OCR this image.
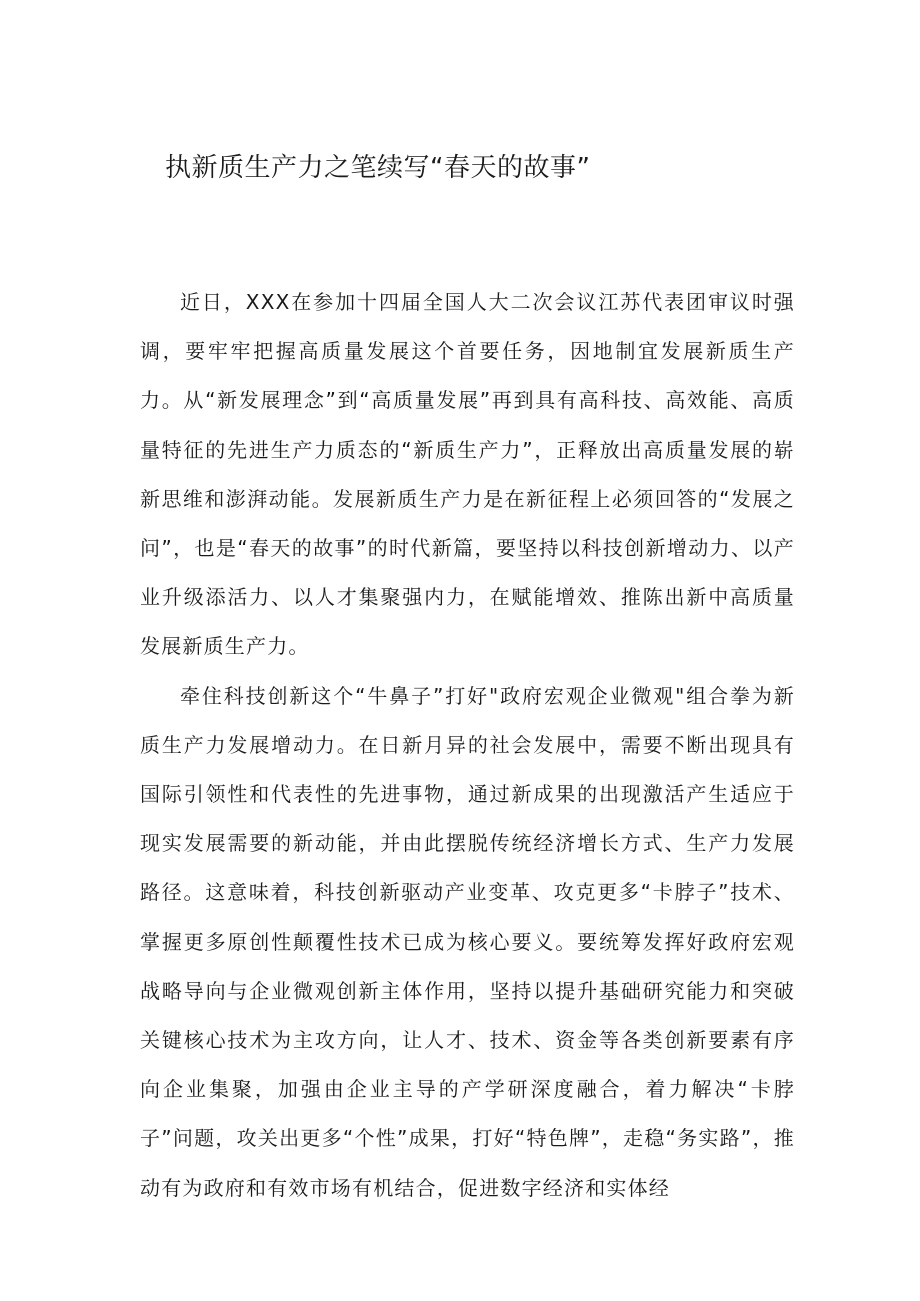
执新质生产力之笔续写“春天的故事”

近日，XXX在参加十四届全国人大二次会议江苏代表团审议时强调，要牢牢把握高质量发展这个首要任务，因地制宜发展新质生产力。从“新发展理念”到“高质量发展”再到具有高科技、高效能、高质量特征的先进生产力质态的“新质生产力”，正释放出高质量发展的崭新思维和澎湃动能。发展新质生产力是在新征程上必须回答的“发展之问”，也是“春天的故事”的时代新篇，要坚持以科技创新增动力、以产业升级添活力、以人才集聚强内力，在赋能增效、推陈出新中高质量发展新质生产力。

牵住科技创新这个“牛鼻子”打好"政府宏观企业微观"组合拳为新质生产力发展增动力。在日新月异的社会发展中，需要不断出现具有国际引领性和代表性的先进事物，通过新成果的出现激活产生适应于现实发展需要的新动能，并由此摆脱传统经济增长方式、生产力发展路径。这意味着，科技创新驱动产业变革、攻克更多“卡脖子”技术、掌握更多原创性颠覆性技术已成为核心要义。要统筹发挥好政府宏观战略导向与企业微观创新主体作用，坚持以提升基础研究能力和突破关键核心技术为主攻方向，让人才、技术、资金等各类创新要素有序向企业集聚，加强由企业主导的产学研深度融合，着力解决“卡脖子”问题，攻关出更多“个性”成果，打好“特色牌”，走稳“务实路”，推动有为政府和有效市场有机结合，促进数字经济和实体经
